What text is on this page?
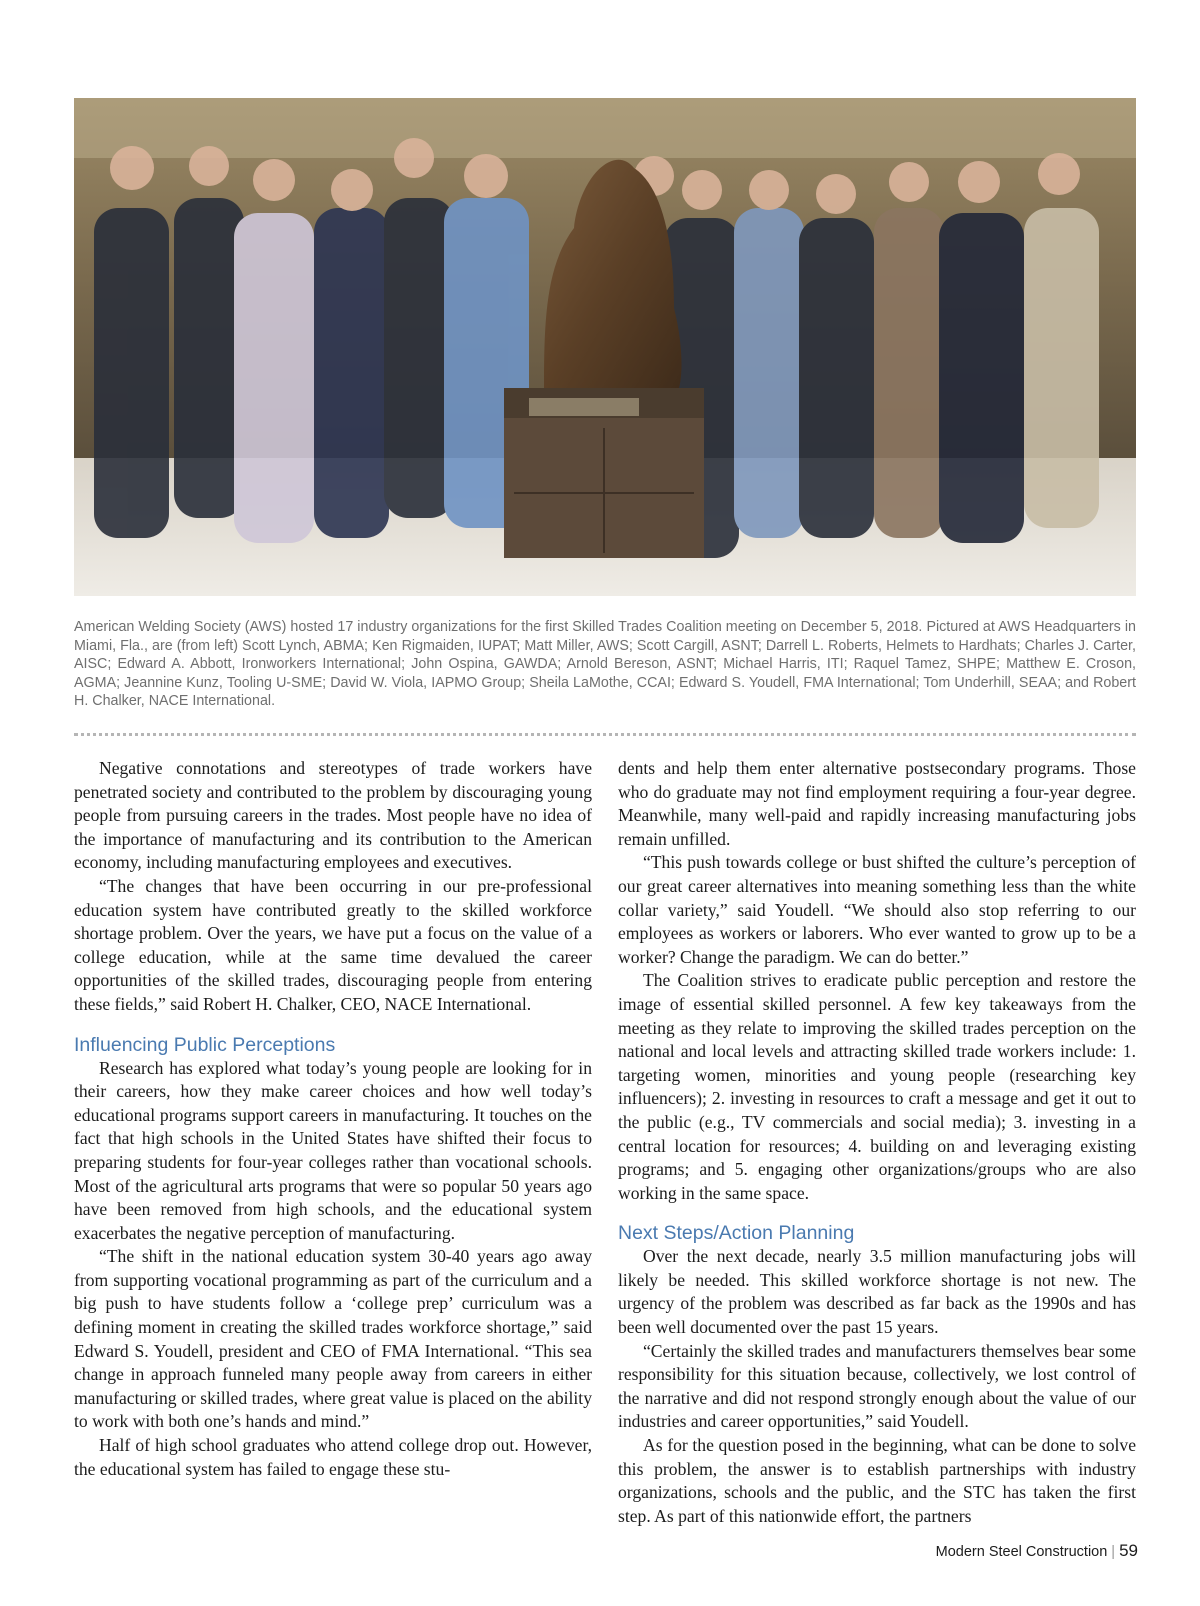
American Welding Society (AWS) hosted 17 industry organizations for the first Skilled Trades Coalition meeting on December 5, 2018. Pictured at AWS Headquarters in Miami, Fla., are (from left) Scott Lynch, ABMA; Ken Rigmaiden, IUPAT; Matt Miller, AWS; Scott Cargill, ASNT; Darrell L. Roberts, Helmets to Hardhats; Charles J. Carter, AISC; Edward A. Abbott, Ironworkers International; John Ospina, GAWDA; Arnold Bereson, ASNT; Michael Harris, ITI; Raquel Tamez, SHPE; Matthew E. Croson, AGMA; Jeannine Kunz, Tooling U-SME; David W. Viola, IAPMO Group; Sheila LaMothe, CCAI; Edward S. Youdell, FMA International; Tom Underhill, SEAA; and Robert H. Chalker, NACE International.

Negative connotations and stereotypes of trade workers have penetrated society and contributed to the problem by discouraging young people from pursuing careers in the trades. Most people have no idea of the importance of manufacturing and its contribution to the American economy, including manufacturing employees and executives.

“The changes that have been occurring in our pre-professional education system have contributed greatly to the skilled workforce shortage problem. Over the years, we have put a focus on the value of a college education, while at the same time devalued the career opportunities of the skilled trades, discouraging people from entering these fields,” said Robert H. Chalker, CEO, NACE International.

Influencing Public Perceptions

Research has explored what today’s young people are looking for in their careers, how they make career choices and how well today’s educational programs support careers in manufacturing. It touches on the fact that high schools in the United States have shifted their focus to preparing students for four-year colleges rather than vocational schools. Most of the agricultural arts programs that were so popular 50 years ago have been removed from high schools, and the educational system exacerbates the negative perception of manufacturing.

“The shift in the national education system 30-40 years ago away from supporting vocational programming as part of the curriculum and a big push to have students follow a ‘college prep’ curriculum was a defining moment in creating the skilled trades workforce shortage,” said Edward S. Youdell, president and CEO of FMA International. “This sea change in approach funneled many people away from careers in either manufacturing or skilled trades, where great value is placed on the ability to work with both one’s hands and mind.”

Half of high school graduates who attend college drop out. However, the educational system has failed to engage these stu-

dents and help them enter alternative postsecondary programs. Those who do graduate may not find employment requiring a four-year degree. Meanwhile, many well-paid and rapidly increasing manufacturing jobs remain unfilled.

“This push towards college or bust shifted the culture’s perception of our great career alternatives into meaning something less than the white collar variety,” said Youdell. “We should also stop referring to our employees as workers or laborers. Who ever wanted to grow up to be a worker? Change the paradigm. We can do better.”

The Coalition strives to eradicate public perception and restore the image of essential skilled personnel. A few key takeaways from the meeting as they relate to improving the skilled trades perception on the national and local levels and attracting skilled trade workers include: 1. targeting women, minorities and young people (researching key influencers); 2. investing in resources to craft a message and get it out to the public (e.g., TV commercials and social media); 3. investing in a central location for resources; 4. building on and leveraging existing programs; and 5. engaging other organizations/groups who are also working in the same space.

Next Steps/Action Planning

Over the next decade, nearly 3.5 million manufacturing jobs will likely be needed. This skilled workforce shortage is not new. The urgency of the problem was described as far back as the 1990s and has been well documented over the past 15 years.

“Certainly the skilled trades and manufacturers themselves bear some responsibility for this situation because, collectively, we lost control of the narrative and did not respond strongly enough about the value of our industries and career opportunities,” said Youdell.

As for the question posed in the beginning, what can be done to solve this problem, the answer is to establish partnerships with industry organizations, schools and the public, and the STC has taken the first step. As part of this nationwide effort, the partners

Modern Steel Construction | 59
